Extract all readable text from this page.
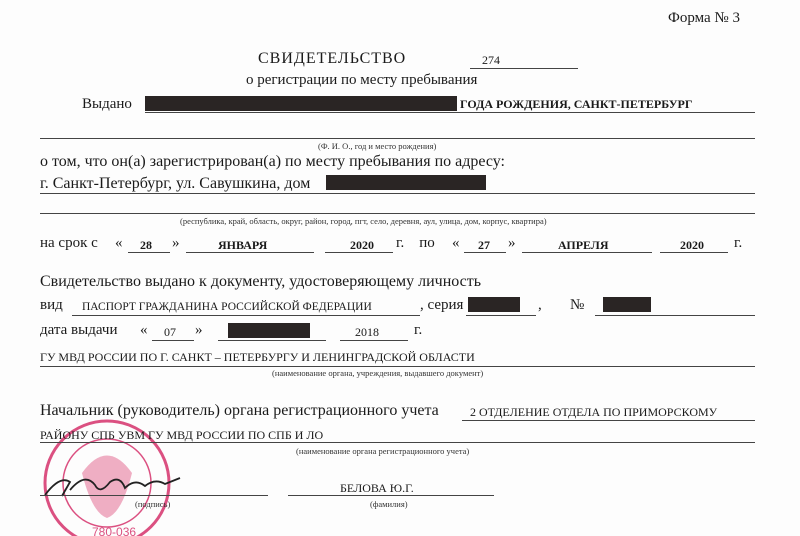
Форма № 3
СВИДЕТЕЛЬСТВО	274
о регистрации по месту пребывания
Выдано	ГОДА РОЖДЕНИЯ, САНКТ-ПЕТЕРБУРГ
(Ф. И. О., год и место рождения)
о том, что он(а) зарегистрирован(а) по месту пребывания по адресу:
г. Санкт-Петербург, ул. Савушкина, дом
(республика, край, область, округ, район, город, пгт, село, деревня, аул, улица, дом, корпус, квартира)
на срок с « 28 »	ЯНВАРЯ	2020 г.    по « 27 »	АПРЕЛЯ	2020 г.
Свидетельство выдано к документу, удостоверяющему личность
вид ПАСПОРТ ГРАЖДАНИНА РОССИЙСКОЙ ФЕДЕРАЦИИ	, серия	, №
дата выдачи « 07 »	2018 г.
ГУ МВД РОССИИ ПО Г. САНКТ – ПЕТЕРБУРГУ И ЛЕНИНГРАДСКОЙ ОБЛАСТИ
(наименование органа, учреждения, выдавшего документ)
Начальник (руководитель) органа регистрационного учета	2 ОТДЕЛЕНИЕ ОТДЕЛА ПО ПРИМОРСКОМУ
780-036
РАЙОНУ СПБ УВМ ГУ МВД РОССИИ ПО СПБ И ЛО
(наименование органа регистрационного учета)
(подпись)
БЕЛОВА Ю.Г.
(фамилия)
